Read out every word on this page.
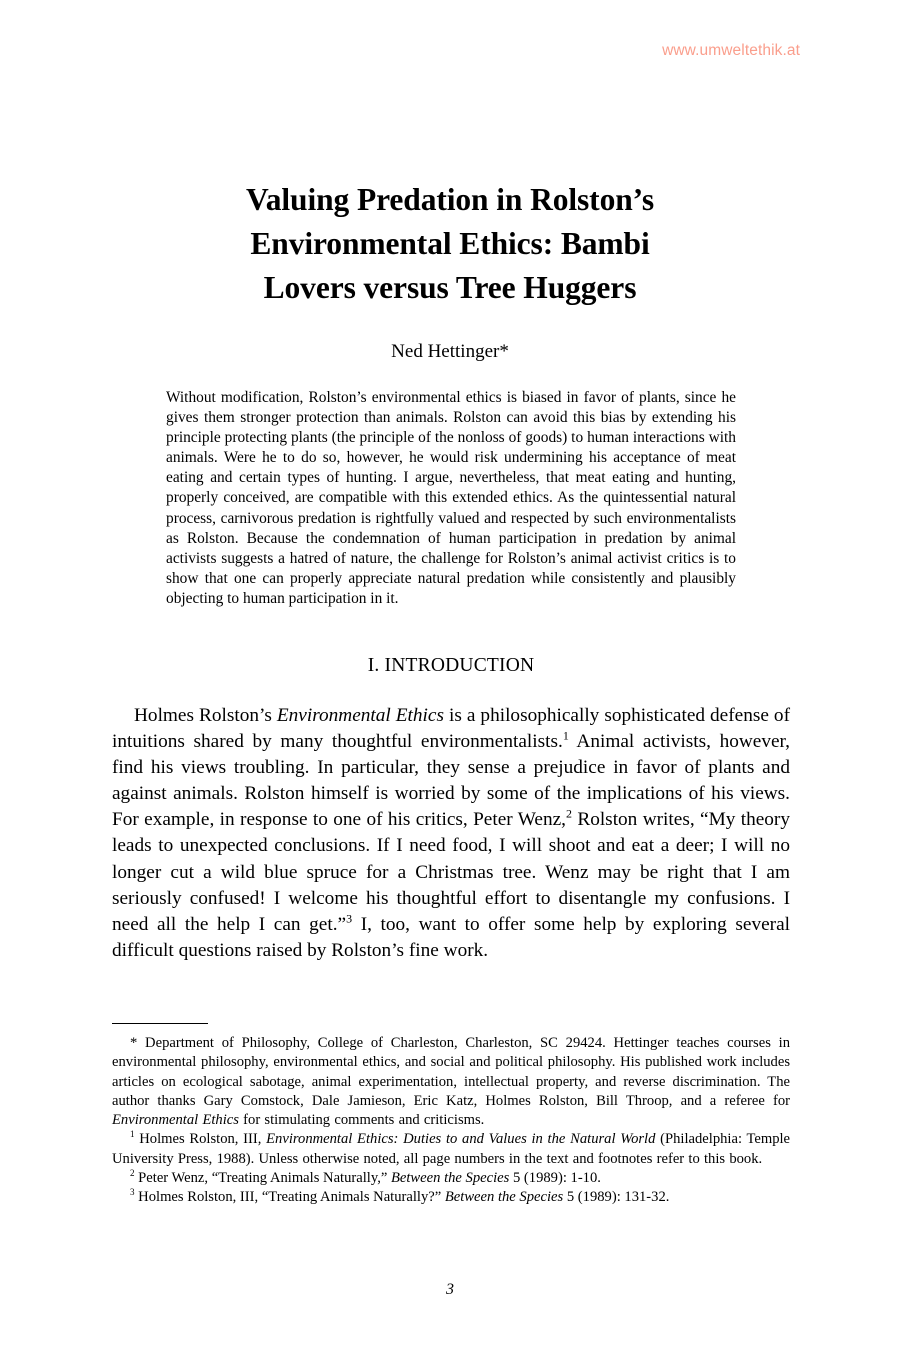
www.umweltethik.at
Valuing Predation in Rolston’s
Environmental Ethics: Bambi
Lovers versus Tree Huggers
Ned Hettinger*
Without modification, Rolston’s environmental ethics is biased in favor of plants, since he gives them stronger protection than animals. Rolston can avoid this bias by extending his principle protecting plants (the principle of the nonloss of goods) to human interactions with animals. Were he to do so, however, he would risk undermining his acceptance of meat eating and certain types of hunting. I argue, nevertheless, that meat eating and hunting, properly conceived, are compatible with this extended ethics. As the quintessential natural process, carnivorous predation is rightfully valued and respected by such environmentalists as Rolston. Because the condemnation of human participation in predation by animal activists suggests a hatred of nature, the challenge for Rolston’s animal activist critics is to show that one can properly appreciate natural predation while consistently and plausibly objecting to human participation in it.
I. INTRODUCTION
Holmes Rolston’s Environmental Ethics is a philosophically sophisticated defense of intuitions shared by many thoughtful environmentalists.$^1$ Animal activists, however, find his views troubling. In particular, they sense a prejudice in favor of plants and against animals. Rolston himself is worried by some of the implications of his views. For example, in response to one of his critics, Peter Wenz,$^2$ Rolston writes, “My theory leads to unexpected conclusions. If I need food, I will shoot and eat a deer; I will no longer cut a wild blue spruce for a Christmas tree. Wenz may be right that I am seriously confused! I welcome his thoughtful effort to disentangle my confusions. I need all the help I can get.”$^3$ I, too, want to offer some help by exploring several difficult questions raised by Rolston’s fine work.

* Department of Philosophy, College of Charleston, Charleston, SC 29424. Hettinger teaches courses in environmental philosophy, environmental ethics, and social and political philosophy. His published work includes articles on ecological sabotage, animal experimentation, intellectual property, and reverse discrimination. The author thanks Gary Comstock, Dale Jamieson, Eric Katz, Holmes Rolston, Bill Throop, and a referee for Environmental Ethics for stimulating comments and criticisms.

$^1$ Holmes Rolston, III, Environmental Ethics: Duties to and Values in the Natural World (Philadelphia: Temple University Press, 1988). Unless otherwise noted, all page numbers in the text and footnotes refer to this book.

$^2$ Peter Wenz, “Treating Animals Naturally,” Between the Species 5 (1989): 1-10.

$^3$ Holmes Rolston, III, “Treating Animals Naturally?” Between the Species 5 (1989): 131-32.

3
